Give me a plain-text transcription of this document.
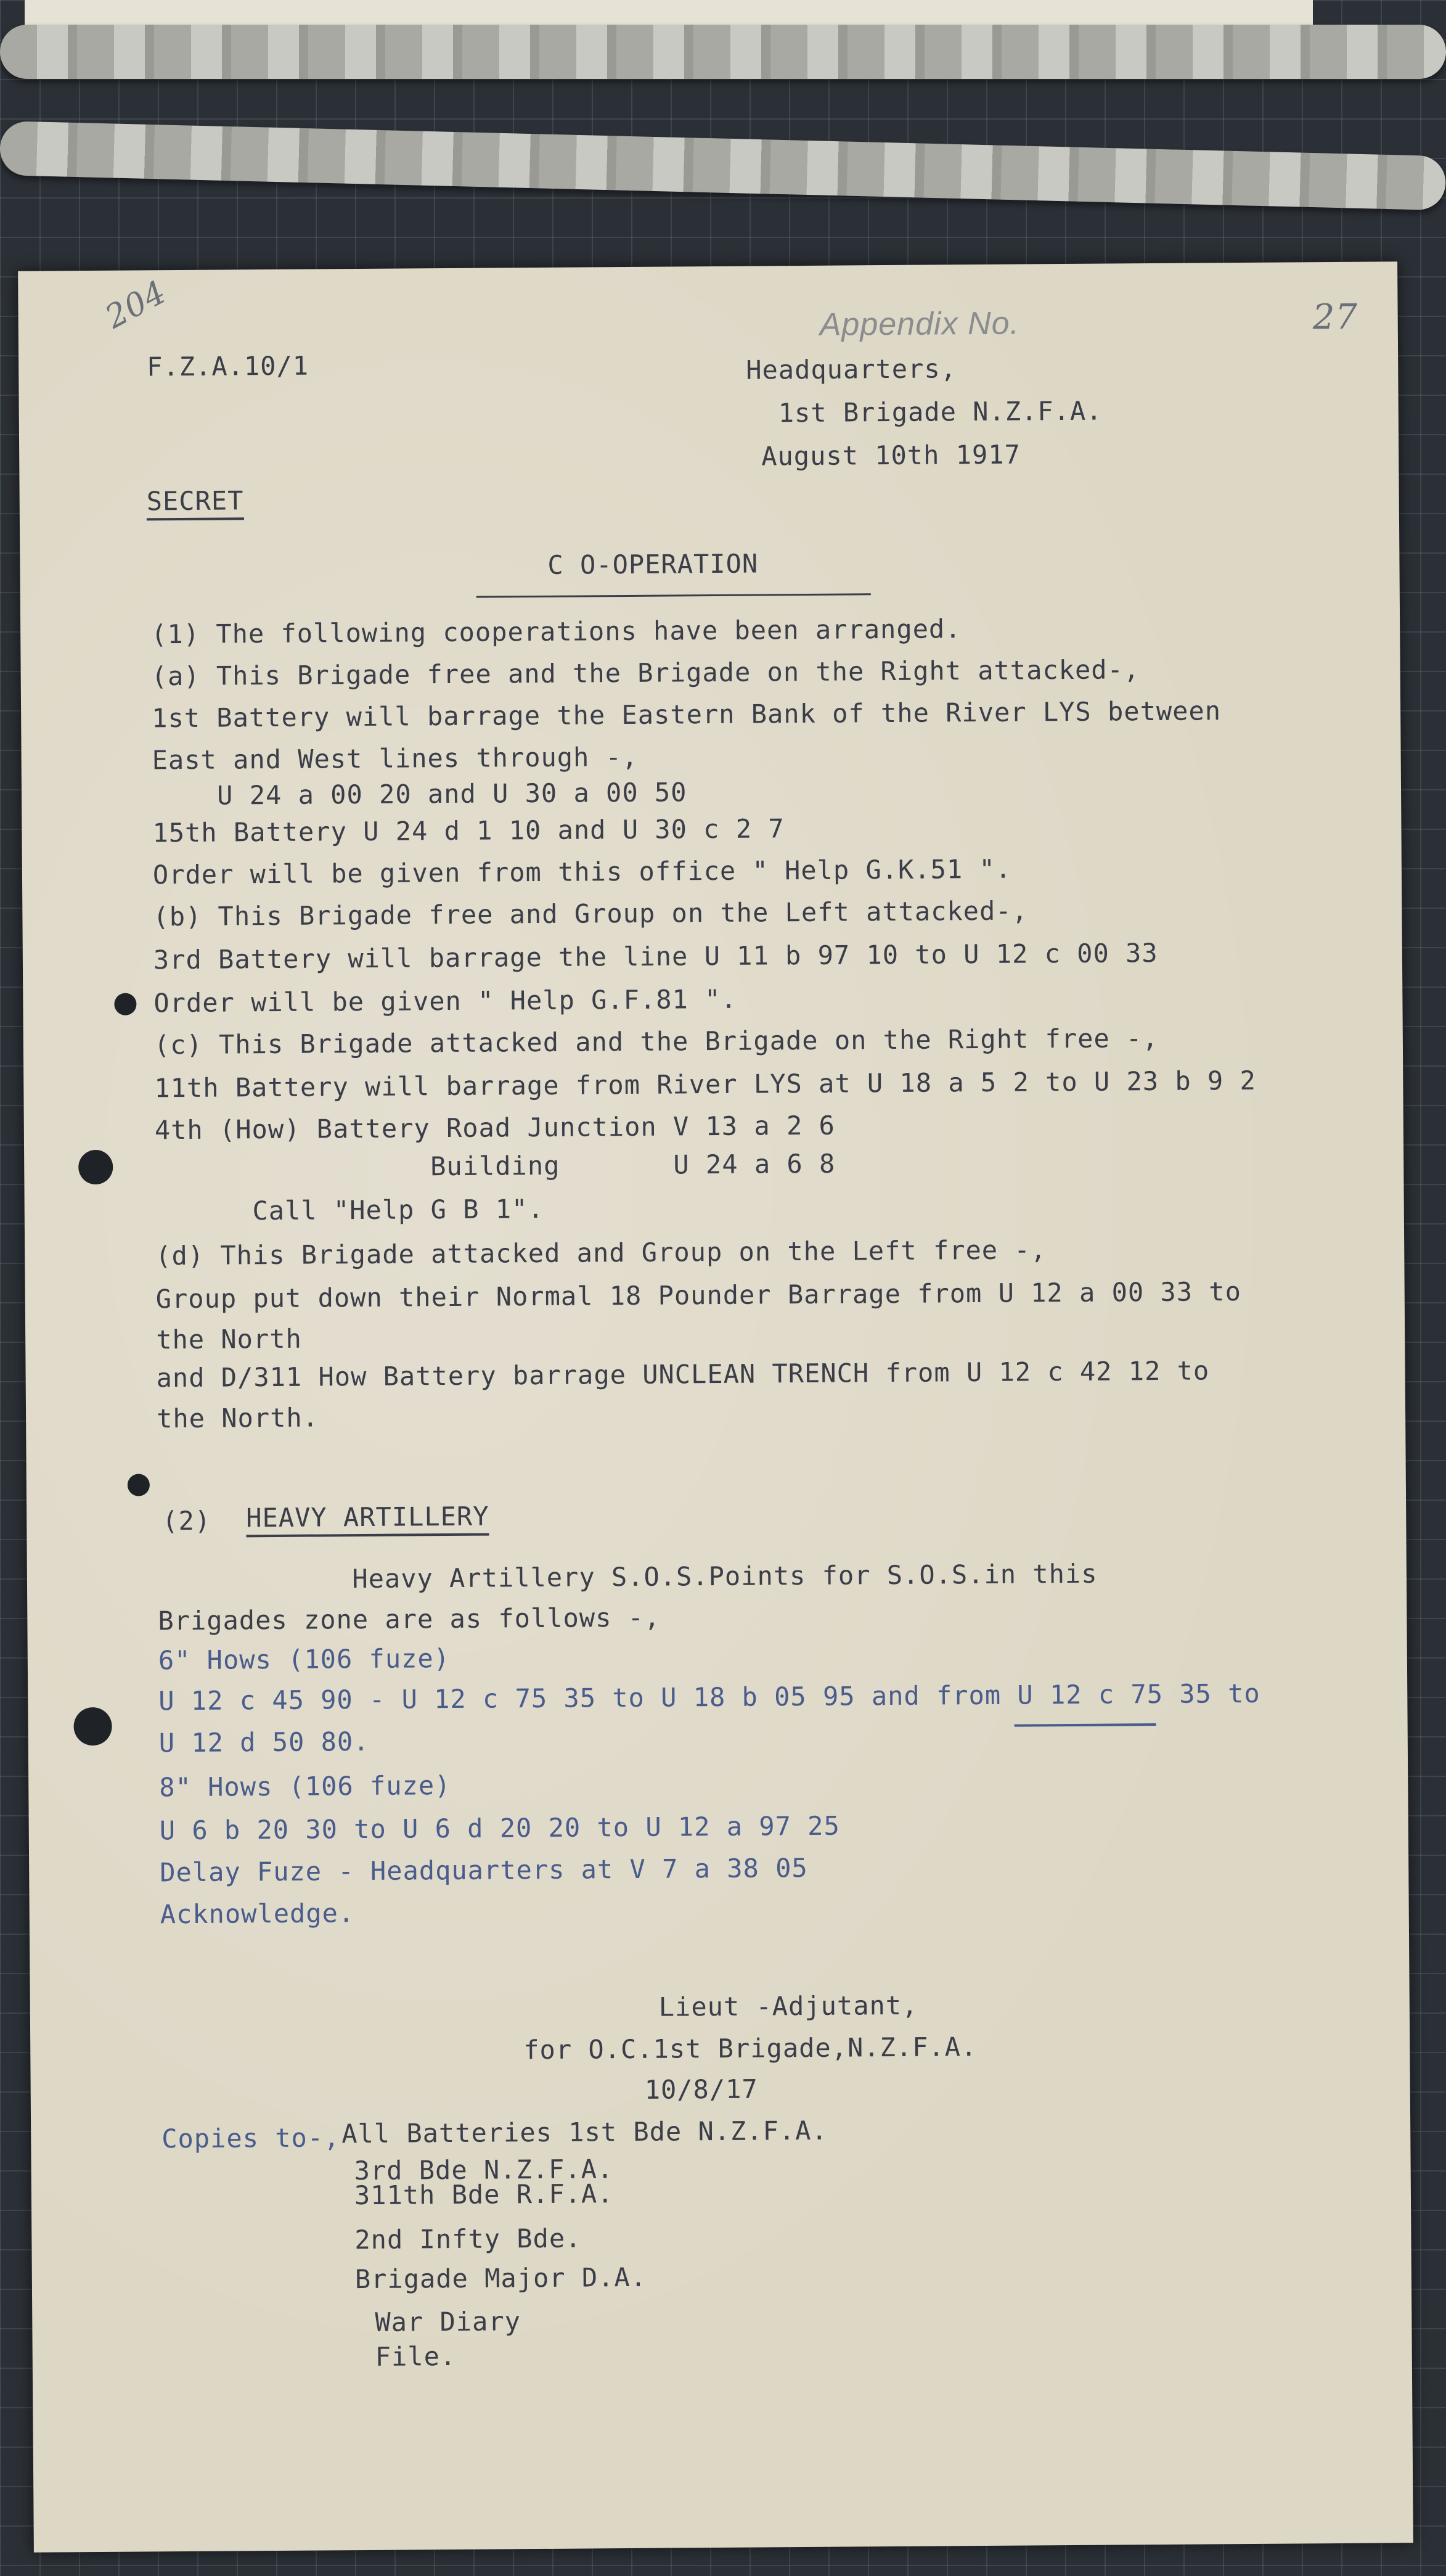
204	Appendix No.	27
F.Z.A.10/1	Headquarters,
1st Brigade N.Z.F.A.
August 10th 1917
SECRET
C O-OPERATION
(1) The following cooperations have been arranged.
(a) This Brigade free and the Brigade on the Right attacked-,
1st Battery will barrage the Eastern Bank of the River LYS between
East and West lines through -,
U 24 a 00 20 and U 30 a 00 50
15th Battery U 24 d 1 10 and U 30 c 2 7
Order will be given from this office " Help G.K.51 ".
(b) This Brigade free and Group on the Left attacked-,
3rd Battery will barrage the line U 11 b 97 10 to U 12 c 00 33
Order will be given " Help G.F.81 ".
(c) This Brigade attacked and the Brigade on the Right free -,
11th Battery will barrage from River LYS at U 18 a 5 2 to U 23 b 9 2
4th (How) Battery Road Junction V 13 a 2 6
Building       U 24 a 6 8
Call "Help G B 1".
(d) This Brigade attacked and Group on the Left free -,
Group put down their Normal 18 Pounder Barrage from U 12 a 00 33 to
the North
and D/311 How Battery barrage UNCLEAN TRENCH from U 12 c 42 12 to
the North.
(2) HEAVY ARTILLERY
Heavy Artillery S.O.S.Points for S.O.S.in this
Brigades zone are as follows -,
6" Hows (106 fuze)
U 12 c 45 90 - U 12 c 75 35 to U 18 b 05 95 and from U 12 c 75 35 to
U 12 d 50 80.
8" Hows (106 fuze)
U 6 b 20 30 to U 6 d 20 20 to U 12 a 97 25
Delay Fuze - Headquarters at V 7 a 38 05
Acknowledge.
Lieut -Adjutant,
for O.C.1st Brigade,N.Z.F.A.
10/8/17
Copies to-, All Batteries 1st Bde N.Z.F.A.
3rd Bde N.Z.F.A.
311th Bde R.F.A.
2nd Infty Bde.
Brigade Major D.A.
War Diary
File.
